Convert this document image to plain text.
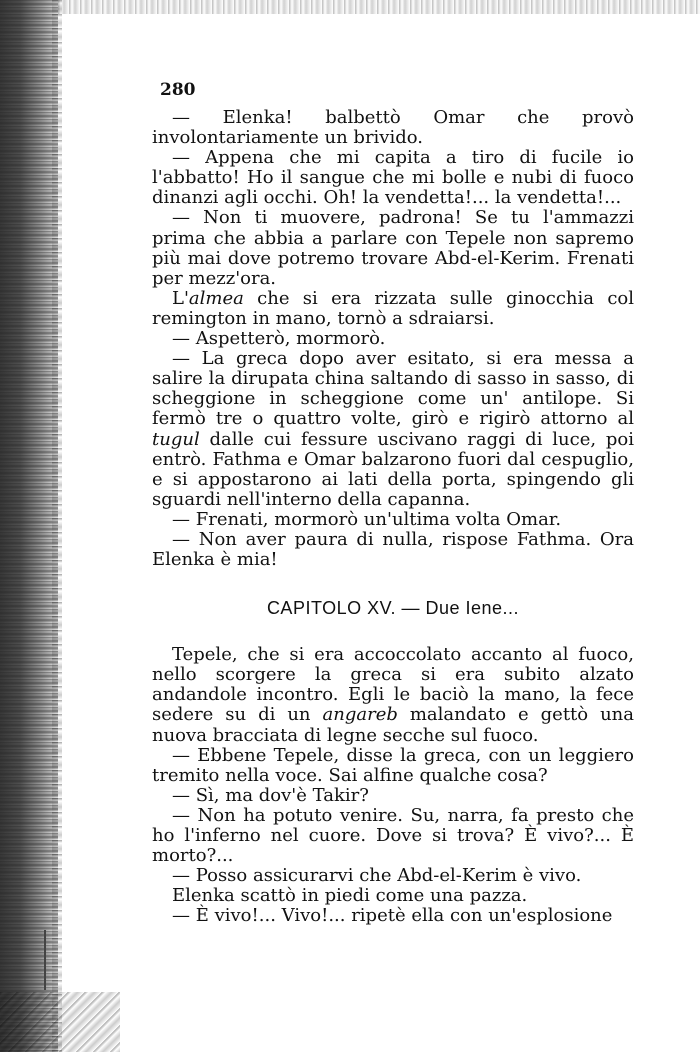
280

— Elenka! balbettò Omar che provò involontariamente un brivido.

— Appena che mi capita a tiro di fucile io l'abbatto! Ho il sangue che mi bolle e nubi di fuoco dinanzi agli occhi. Oh! la vendetta!... la vendetta!...

— Non ti muovere, padrona! Se tu l'ammazzi prima che abbia a parlare con Tepele non sapremo più mai dove potremo trovare Abd-el-Kerim. Frenati per mezz'ora.

L'almea che si era rizzata sulle ginocchia col remington in mano, tornò a sdraiarsi.

— Aspetterò, mormorò.

— La greca dopo aver esitato, si era messa a salire la dirupata china saltando di sasso in sasso, di scheggione in scheggione come un' antilope. Si fermò tre o quattro volte, girò e rigirò attorno al tugul dalle cui fessure uscivano raggi di luce, poi entrò. Fathma e Omar balzarono fuori dal cespuglio, e si appostarono ai lati della porta, spingendo gli sguardi nell'interno della capanna.

— Frenati, mormorò un'ultima volta Omar.

— Non aver paura di nulla, rispose Fathma. Ora Elenka è mia!

CAPITOLO XV. — Due Iene...

Tepele, che si era accoccolato accanto al fuoco, nello scorgere la greca si era subito alzato andandole incontro. Egli le baciò la mano, la fece sedere su di un angareb malandato e gettò una nuova bracciata di legne secche sul fuoco.

— Ebbene Tepele, disse la greca, con un leggiero tremito nella voce. Sai alfine qualche cosa?

— Sì, ma dov'è Takir?

— Non ha potuto venire. Su, narra, fa presto che ho l'inferno nel cuore. Dove si trova? È vivo?... È morto?...

— Posso assicurarvi che Abd-el-Kerim è vivo.

Elenka scattò in piedi come una pazza.

— È vivo!... Vivo!... ripetè ella con un'esplosione
